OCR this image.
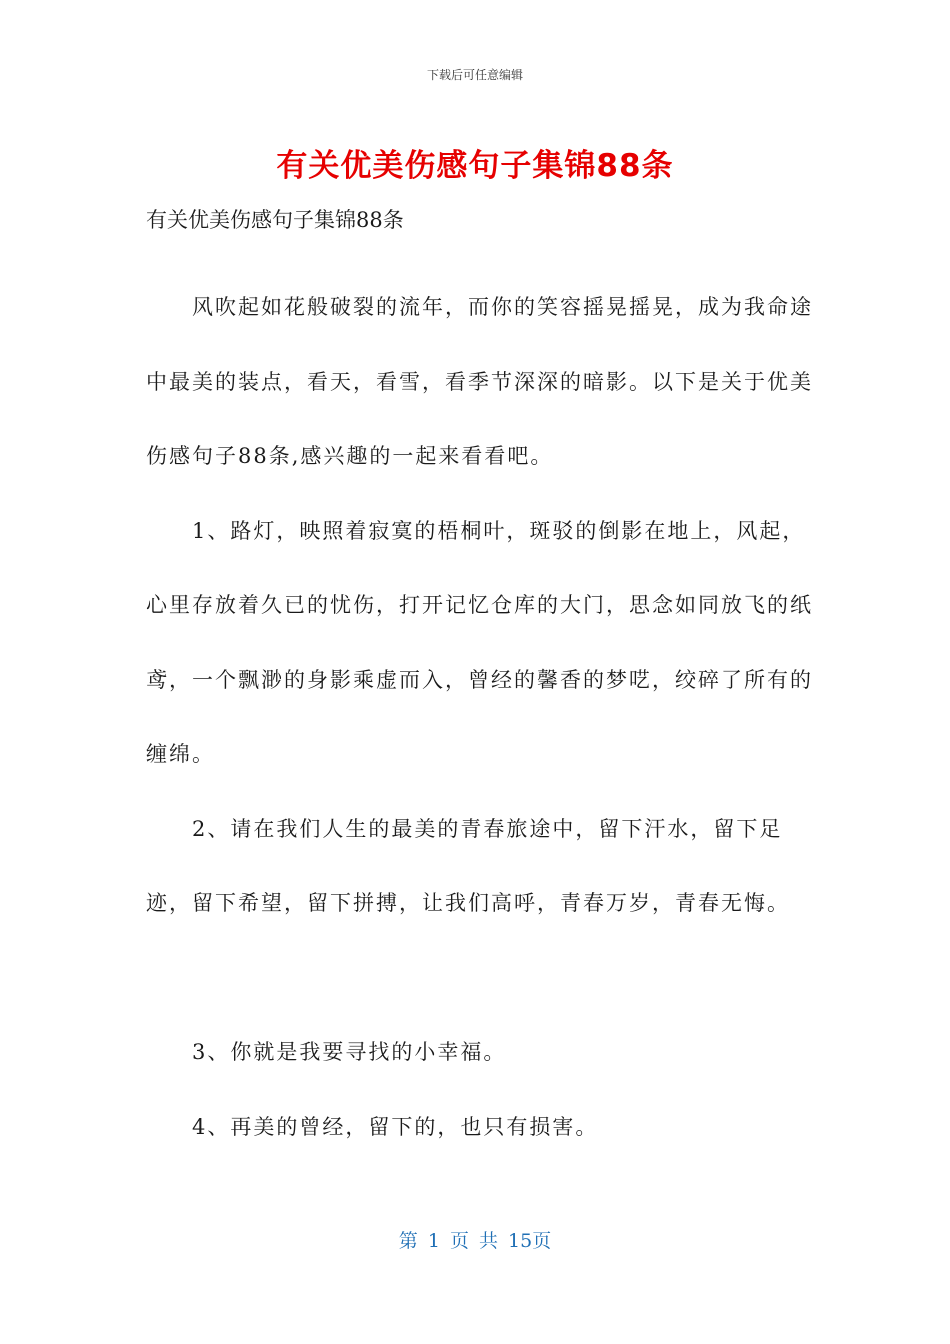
下载后可任意编辑
有关优美伤感句子集锦88条
有关优美伤感句子集锦88条

风吹起如花般破裂的流年，而你的笑容摇晃摇晃，成为我命途中最美的装点，看天，看雪，看季节深深的暗影。以下是关于优美伤感句子88条,感兴趣的一起来看看吧。

1、路灯，映照着寂寞的梧桐叶，斑驳的倒影在地上，风起，心里存放着久已的忧伤，打开记忆仓库的大门，思念如同放飞的纸鸢，一个飘渺的身影乘虚而入，曾经的馨香的梦呓，绞碎了所有的缠绵。

2、请在我们人生的最美的青春旅途中，留下汗水，留下足迹，留下希望，留下拼搏，让我们高呼，青春万岁，青春无悔。

3、你就是我要寻找的小幸福。

4、再美的曾经，留下的，也只有损害。

第 1 页 共 15页
